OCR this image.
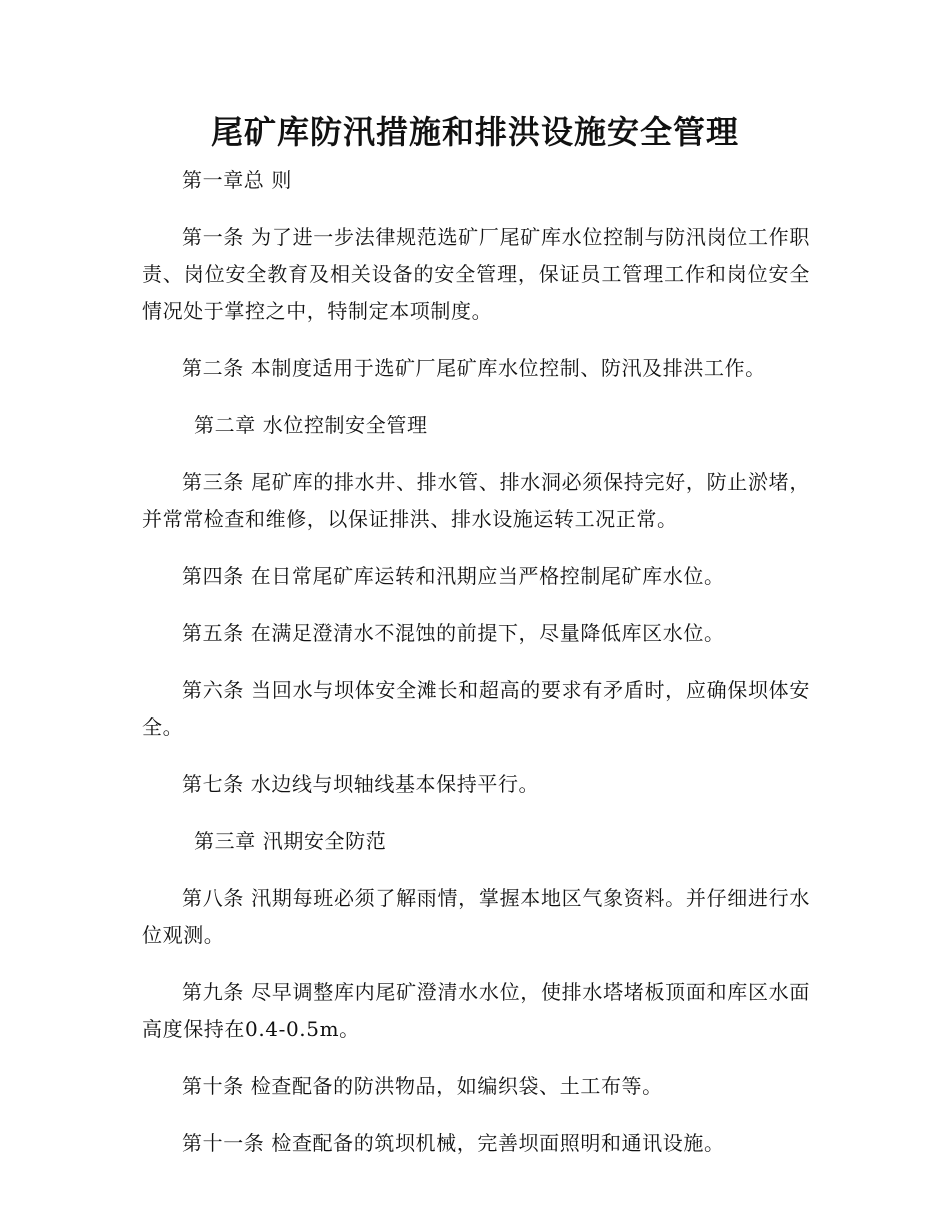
尾矿库防汛措施和排洪设施安全管理

第一章总 则

第一条 为了进一步法律规范选矿厂尾矿库水位控制与防汛岗位工作职责、岗位安全教育及相关设备的安全管理，保证员工管理工作和岗位安全情况处于掌控之中，特制定本项制度。

第二条 本制度适用于选矿厂尾矿库水位控制、防汛及排洪工作。

第二章 水位控制安全管理

第三条 尾矿库的排水井、排水管、排水洞必须保持完好，防止淤堵，并常常检查和维修，以保证排洪、排水设施运转工况正常。

第四条 在日常尾矿库运转和汛期应当严格控制尾矿库水位。

第五条 在满足澄清水不混蚀的前提下，尽量降低库区水位。

第六条 当回水与坝体安全滩长和超高的要求有矛盾时，应确保坝体安全。

第七条 水边线与坝轴线基本保持平行。

第三章 汛期安全防范

第八条 汛期每班必须了解雨情，掌握本地区气象资料。并仔细进行水位观测。

第九条 尽早调整库内尾矿澄清水水位，使排水塔堵板顶面和库区水面高度保持在0.4-0.5m。

第十条 检查配备的防洪物品，如编织袋、土工布等。

第十一条 检查配备的筑坝机械，完善坝面照明和通讯设施。
